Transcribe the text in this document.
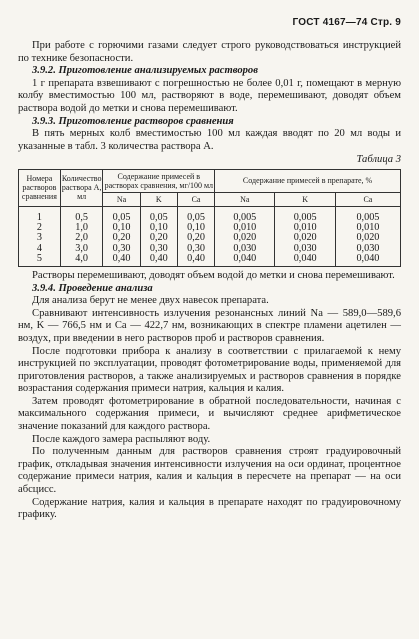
ГОСТ 4167—74 Стр. 9

При работе с горючими газами следует строго руководствоваться инструкцией по технике безопасности.

3.9.2. Приготовление анализируемых растворов

1 г препарата взвешивают с погрешностью не более 0,01 г, помещают в мерную колбу вместимостью 100 мл, растворяют в воде, перемешивают, доводят объем раствора водой до метки и снова перемешивают.

3.9.3. Приготовление растворов сравнения

В пять мерных колб вместимостью 100 мл каждая вводят по 20 мл воды и указанные в табл. 3 количества раствора А.

Таблица 3
Номера растворов сравнения	Количество раствора А, мл	Содержание примесей в растворах сравнения, мг/100 мл			Содержание примесей в препарате, %		
		Na	K	Ca	Na	K	Ca
1	0,5	0,05	0,05	0,05	0,005	0,005	0,005
2	1,0	0,10	0,10	0,10	0,010	0,010	0,010
3	2,0	0,20	0,20	0,20	0,020	0,020	0,020
4	3,0	0,30	0,30	0,30	0,030	0,030	0,030
5	4,0	0,40	0,40	0,40	0,040	0,040	0,040

Растворы перемешивают, доводят объем водой до метки и снова перемешивают.

3.9.4. Проведение анализа

Для анализа берут не менее двух навесок препарата.

Сравнивают интенсивность излучения резонансных линий Na — 589,0—589,6 нм, K — 766,5 нм и Ca — 422,7 нм, возникающих в спектре пламени ацетилен — воздух, при введении в него растворов проб и растворов сравнения.

После подготовки прибора к анализу в соответствии с прилагаемой к нему инструкцией по эксплуатации, проводят фотометрирование воды, применяемой для приготовления растворов, а также анализируемых и растворов сравнения в порядке возрастания содержания примеси натрия, кальция и калия.

Затем проводят фотометрирование в обратной последовательности, начиная с максимального содержания примеси, и вычисляют среднее арифметическое значение показаний для каждого раствора.

После каждого замера распыляют воду.

По полученным данным для растворов сравнения строят градуировочный график, откладывая значения интенсивности излучения на оси ординат, процентное содержание примеси натрия, калия и кальция в пересчете на препарат — на оси абсцисс.

Содержание натрия, калия и кальция в препарате находят по градуировочному графику.
